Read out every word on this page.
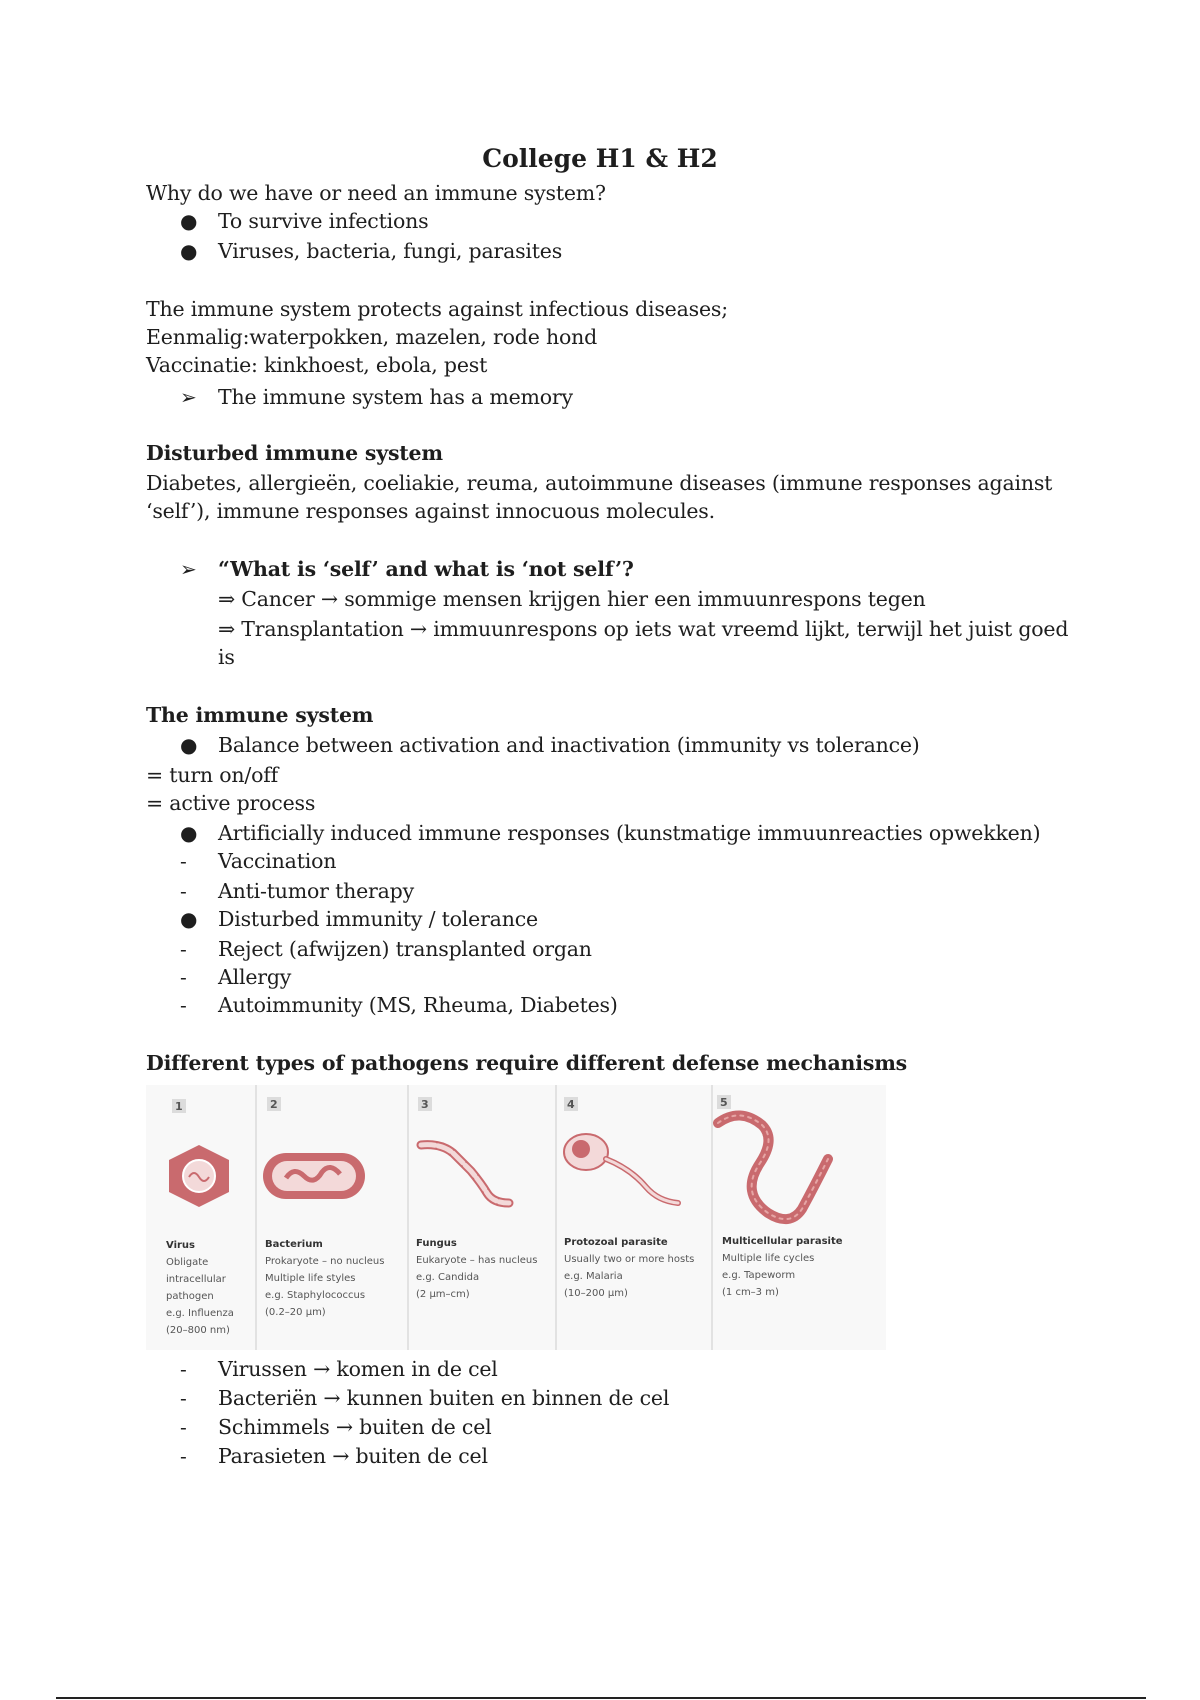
College H1 & H2
Why do we have or need an immune system?
● To survive infections
● Viruses, bacteria, fungi, parasites
The immune system protects against infectious diseases;
Eenmalig:waterpokken, mazelen, rode hond
Vaccinatie: kinkhoest, ebola, pest
➢ The immune system has a memory
Disturbed immune system
Diabetes, allergieën, coeliakie, reuma, autoimmune diseases (immune responses against
‘self’), immune responses against innocuous molecules.
➢ “What is ‘self’ and what is ‘not self’?
⇒ Cancer → sommige mensen krijgen hier een immuunrespons tegen
⇒ Transplantation → immuunrespons op iets wat vreemd lijkt, terwijl het juist goed
is
The immune system
● Balance between activation and inactivation (immunity vs tolerance)
= turn on/off
= active process
● Artificially induced immune responses (kunstmatige immuunreacties opwekken)
- Vaccination
- Anti-tumor therapy
● Disturbed immunity / tolerance
- Reject (afwijzen) transplanted organ
- Allergy
- Autoimmunity (MS, Rheuma, Diabetes)
Different types of pathogens require different defense mechanisms
1	2	3	4	5
Virus
Obligate
intracellular
pathogen
e.g. Influenza
(20–800 nm)
Bacterium
Prokaryote – no nucleus
Multiple life styles
e.g. Staphylococcus
(0.2–20 μm)
Fungus
Eukaryote – has nucleus
e.g. Candida
(2 μm–cm)
Protozoal parasite
Usually two or more hosts
e.g. Malaria
(10–200 μm)
Multicellular parasite
Multiple life cycles
e.g. Tapeworm
(1 cm–3 m)
- Virussen → komen in de cel
- Bacteriën → kunnen buiten en binnen de cel
- Schimmels → buiten de cel
- Parasieten → buiten de cel
